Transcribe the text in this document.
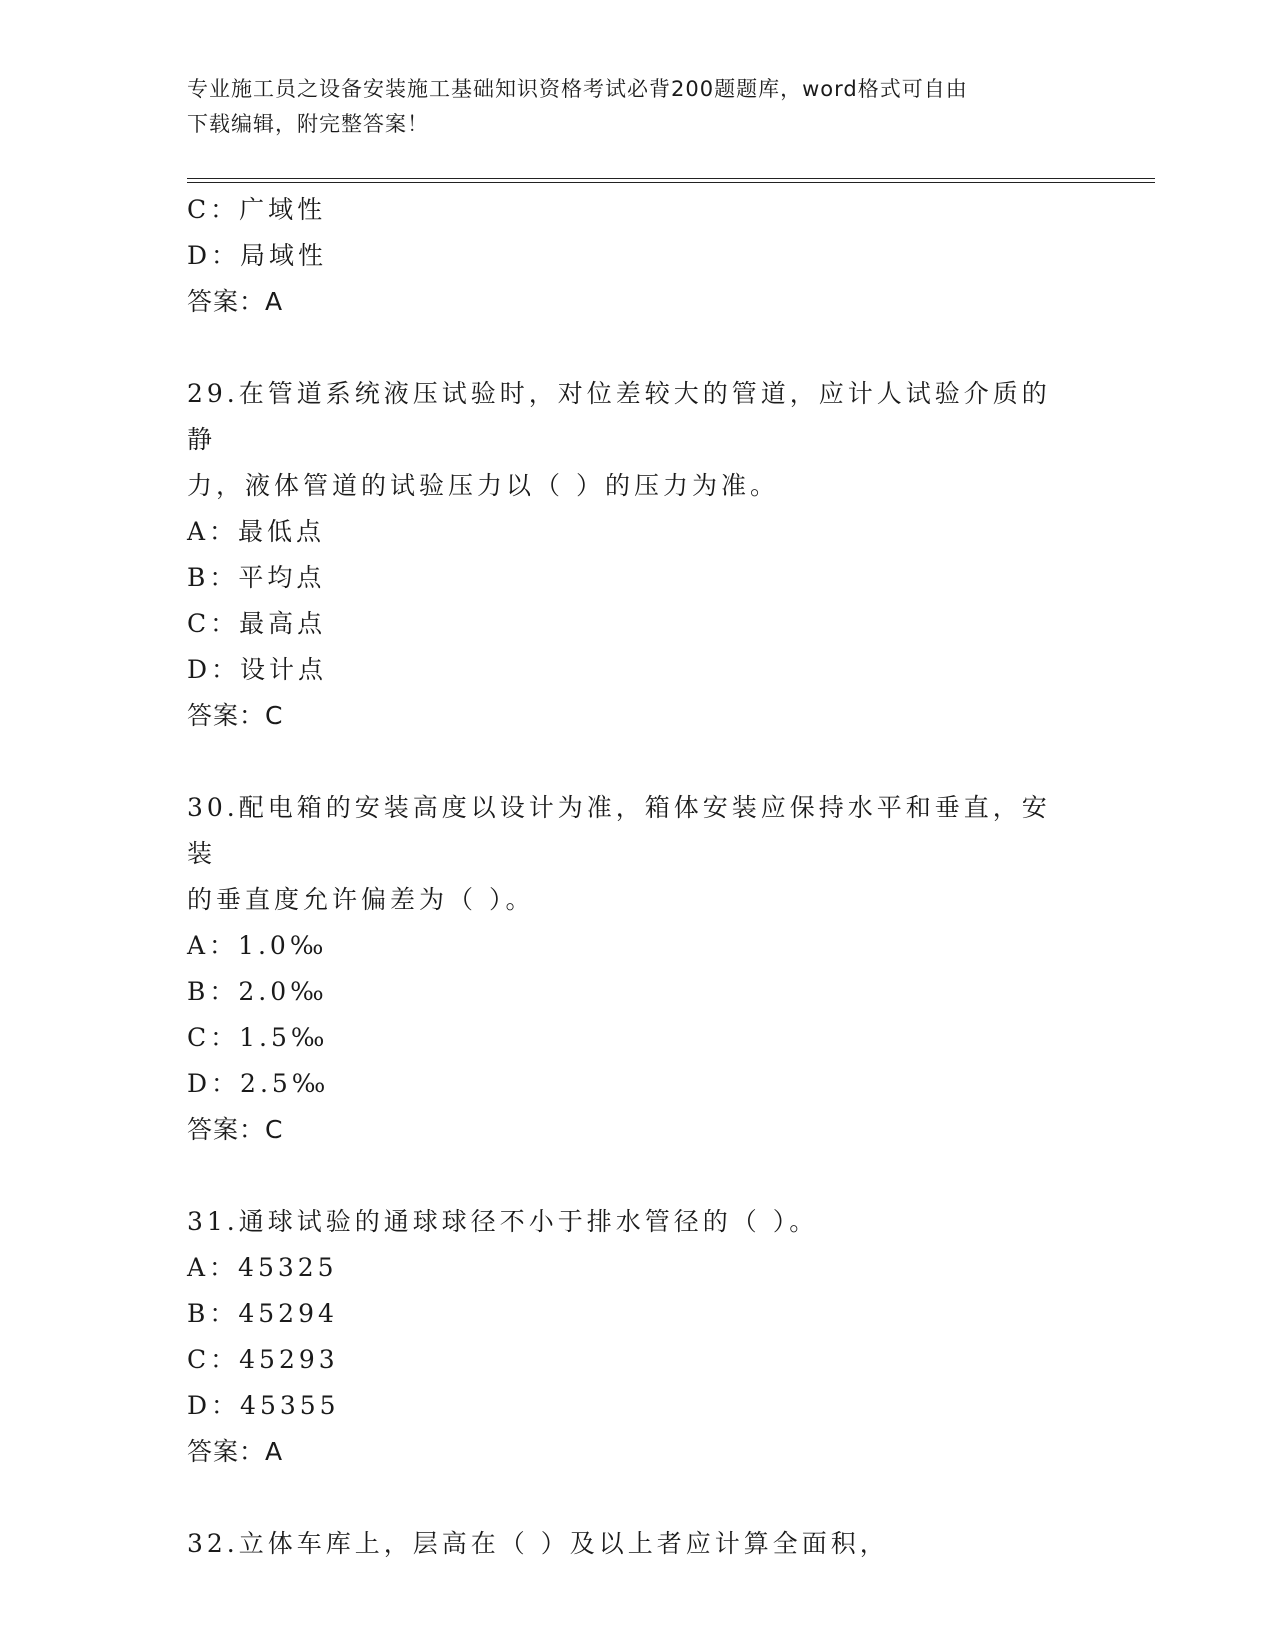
专业施工员之设备安装施工基础知识资格考试必背200题题库，word格式可自由
下载编辑，附完整答案！
C：广域性
D：局域性
答案：A
29.在管道系统液压试验时，对位差较大的管道，应计人试验介质的静
力，液体管道的试验压力以（ ）的压力为准。
A：最低点
B：平均点
C：最高点
D：设计点
答案：C
30.配电箱的安装高度以设计为准，箱体安装应保持水平和垂直，安装
的垂直度允许偏差为（ ）。
A：1.0‰
B：2.0‰
C：1.5‰
D：2.5‰
答案：C
31.通球试验的通球球径不小于排水管径的（ ）。
A：45325
B：45294
C：45293
D：45355
答案：A
32.立体车库上，层高在（ ）及以上者应计算全面积，
